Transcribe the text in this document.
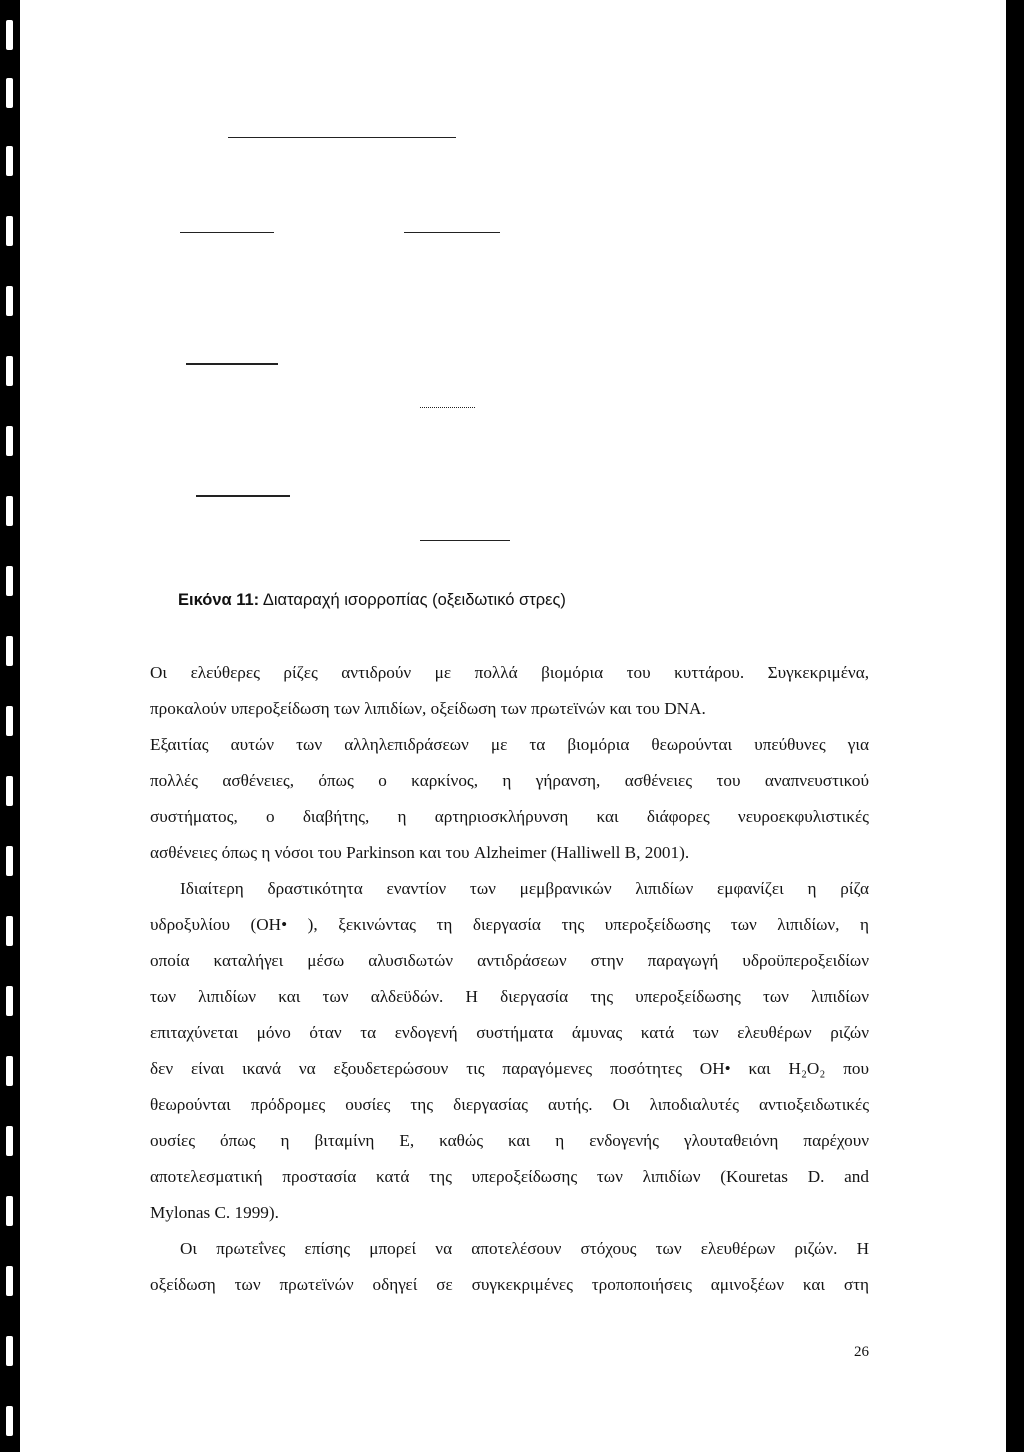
Εικόνα 11: Διαταραχή ισορροπίας (οξειδωτικό στρες)
Οι ελεύθερες ρίζες αντιδρούν με πολλά βιομόρια του κυττάρου. Συγκεκριμένα,
προκαλούν υπεροξείδωση των λιπιδίων, οξείδωση των πρωτεϊνών και του DNA.
Εξαιτίας αυτών των αλληλεπιδράσεων με τα βιομόρια θεωρούνται υπεύθυνες για
πολλές ασθένειες, όπως ο καρκίνος, η γήρανση, ασθένειες του αναπνευστικού
συστήματος, ο διαβήτης, η αρτηριοσκλήρυνση και διάφορες νευροεκφυλιστικές
ασθένειες όπως η νόσοι του Parkinson και του Alzheimer (Halliwell B, 2001).
Ιδιαίτερη δραστικότητα εναντίον των μεμβρανικών λιπιδίων εμφανίζει η ρίζα
υδροξυλίου (OH• ), ξεκινώντας τη διεργασία της υπεροξείδωσης των λιπιδίων, η
οποία καταλήγει μέσω αλυσιδωτών αντιδράσεων στην παραγωγή υδροϋπεροξειδίων
των λιπιδίων και των αλδεϋδών. Η διεργασία της υπεροξείδωσης των λιπιδίων
επιταχύνεται μόνο όταν τα ενδογενή συστήματα άμυνας κατά των ελευθέρων ριζών
δεν είναι ικανά να εξουδετερώσουν τις παραγόμενες ποσότητες OH• και H₂O₂ που
θεωρούνται πρόδρομες ουσίες της διεργασίας αυτής. Οι λιποδιαλυτές αντιοξειδωτικές
ουσίες όπως η βιταμίνη Ε, καθώς και η ενδογενής γλουταθειόνη παρέχουν
αποτελεσματική προστασία κατά της υπεροξείδωσης των λιπιδίων (Kouretas D. and
Mylonas C. 1999).
Οι πρωτεΐνες επίσης μπορεί να αποτελέσουν στόχους των ελευθέρων ριζών. Η
οξείδωση των πρωτεϊνών οδηγεί σε συγκεκριμένες τροποποιήσεις αμινοξέων και στη
26
